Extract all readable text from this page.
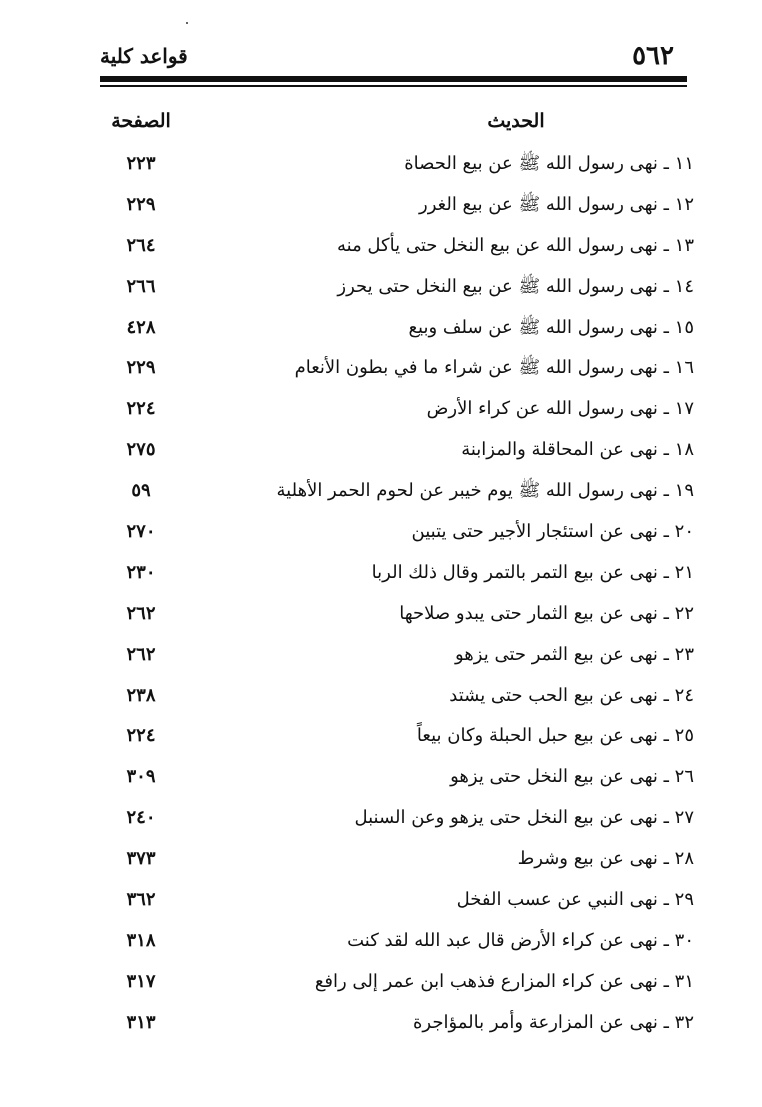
٥٦٢
قواعد كلية
الحديث
الصفحة
١١ ـ نهى رسول الله ﷺ عن بيع الحصاة
٢٢٣
١٢ ـ نهى رسول الله ﷺ عن بيع الغرر
٢٢٩
١٣ ـ نهى رسول الله عن بيع النخل حتى يأكل منه
٢٦٤
١٤ ـ نهى رسول الله ﷺ عن بيع النخل حتى يحرز
٢٦٦
١٥ ـ نهى رسول الله ﷺ عن سلف وبيع
٤٢٨
١٦ ـ نهى رسول الله ﷺ عن شراء ما في بطون الأنعام
٢٢٩
١٧ ـ نهى رسول الله عن كراء الأرض
٢٢٤
١٨ ـ نهى عن المحاقلة والمزابنة
٢٧٥
١٩ ـ نهى رسول الله ﷺ يوم خيبر عن لحوم الحمر الأهلية
٥٩
٢٠ ـ نهى عن استئجار الأجير حتى يتبين
٢٧٠
٢١ ـ نهى عن بيع التمر بالتمر وقال ذلك الربا
٢٣٠
٢٢ ـ نهى عن بيع الثمار حتى يبدو صلاحها
٢٦٢
٢٣ ـ نهى عن بيع الثمر حتى يزهو
٢٦٢
٢٤ ـ نهى عن بيع الحب حتى يشتد
٢٣٨
٢٥ ـ نهى عن بيع حبل الحبلة وكان بيعاً
٢٢٤
٢٦ ـ نهى عن بيع النخل حتى يزهو
٣٠٩
٢٧ ـ نهى عن بيع النخل حتى يزهو وعن السنبل
٢٤٠
٢٨ ـ نهى عن بيع وشرط
٣٧٣
٢٩ ـ نهى النبي عن عسب الفخل
٣٦٢
٣٠ ـ نهى عن كراء الأرض قال عبد الله لقد كنت
٣١٨
٣١ ـ نهى عن كراء المزارع فذهب ابن عمر إلى رافع
٣١٧
٣٢ ـ نهى عن المزارعة وأمر بالمؤاجرة
٣١٣
